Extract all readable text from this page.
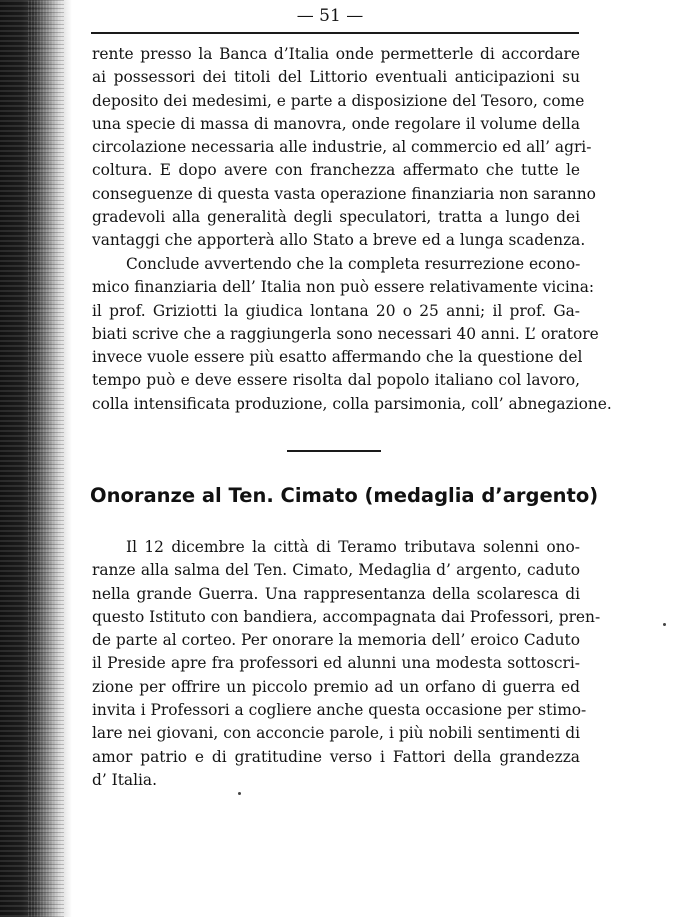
— 51 —

rente presso la Banca d’Italia onde permetterle di accordare
ai possessori dei titoli del Littorio eventuali anticipazioni su
deposito dei medesimi, e parte a disposizione del Tesoro, come
una specie di massa di manovra, onde regolare il volume della
circolazione necessaria alle industrie, al commercio ed all’ agri-
coltura. E dopo avere con franchezza affermato che tutte le
conseguenze di questa vasta operazione finanziaria non saranno
gradevoli alla generalità degli speculatori, tratta a lungo dei
vantaggi che apporterà allo Stato a breve ed a lunga scadenza.

Conclude avvertendo che la completa resurrezione econo-
mico finanziaria dell’ Italia non può essere relativamente vicina:
il prof. Griziotti la giudica lontana 20 o 25 anni; il prof. Ga-
biati scrive che a raggiungerla sono necessari 40 anni. L’ oratore
invece vuole essere più esatto affermando che la questione del
tempo può e deve essere risolta dal popolo italiano col lavoro,
colla intensificata produzione, colla parsimonia, coll’ abnegazione.

Onoranze al Ten. Cimato (medaglia d’argento)

Il 12 dicembre la città di Teramo tributava solenni ono-
ranze alla salma del Ten. Cimato, Medaglia d’ argento, caduto
nella grande Guerra. Una rappresentanza della scolaresca di
questo Istituto con bandiera, accompagnata dai Professori, pren-
de parte al corteo. Per onorare la memoria dell’ eroico Caduto
il Preside apre fra professori ed alunni una modesta sottoscri-
zione per offrire un piccolo premio ad un orfano di guerra ed
invita i Professori a cogliere anche questa occasione per stimo-
lare nei giovani, con acconcie parole, i più nobili sentimenti di
amor patrio e di gratitudine verso i Fattori della grandezza
d’ Italia.
